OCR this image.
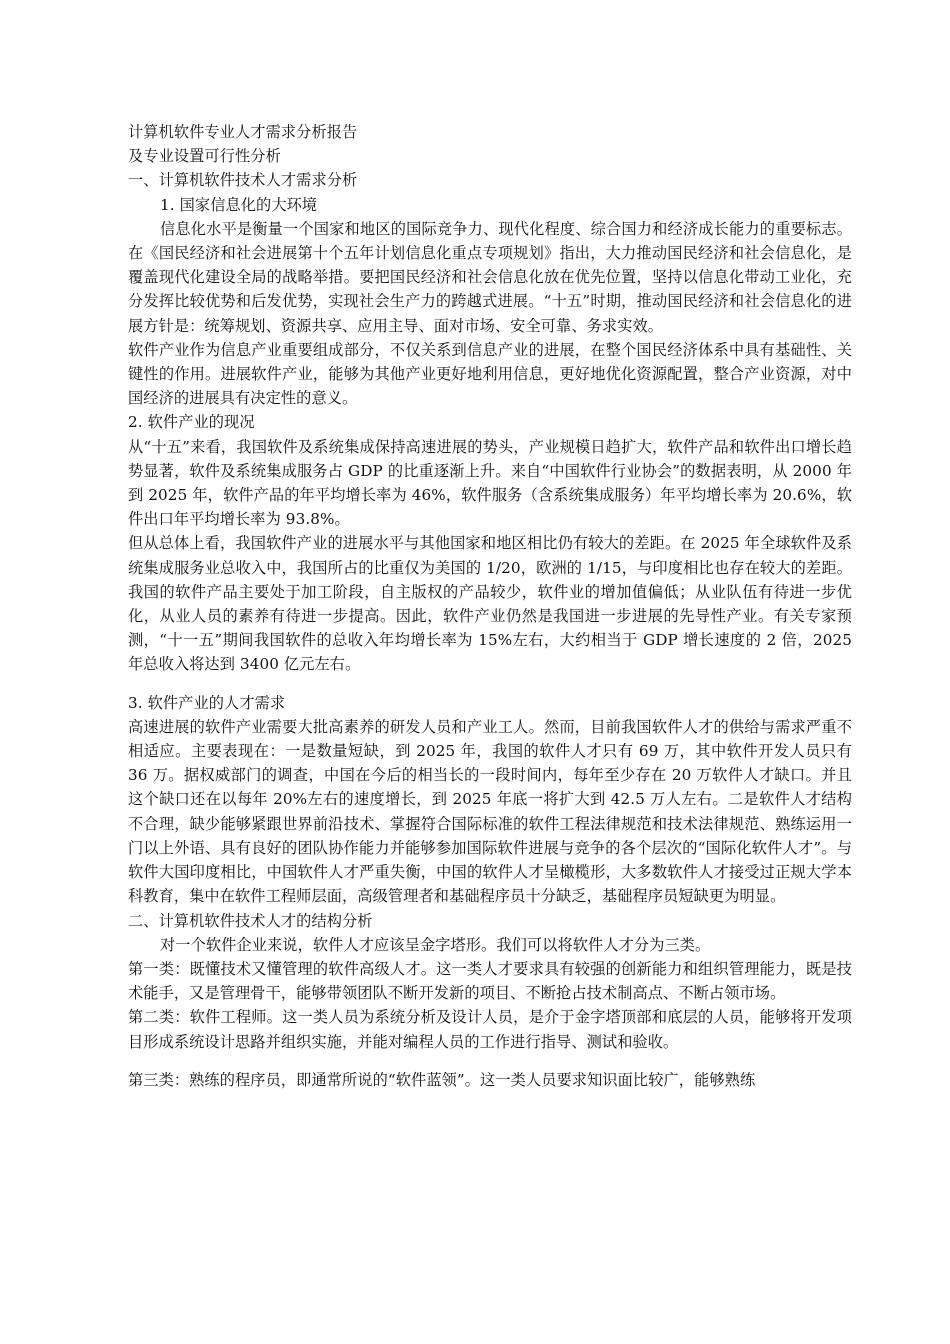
计算机软件专业人才需求分析报告

及专业设置可行性分析

一、计算机软件技术人才需求分析

1. 国家信息化的大环境

信息化水平是衡量一个国家和地区的国际竞争力、现代化程度、综合国力和经济成长能力的重要标志。在《国民经济和社会进展第十个五年计划信息化重点专项规划》指出，大力推动国民经济和社会信息化，是覆盖现代化建设全局的战略举措。要把国民经济和社会信息化放在优先位置，坚持以信息化带动工业化，充分发挥比较优势和后发优势，实现社会生产力的跨越式进展。“十五”时期，推动国民经济和社会信息化的进展方针是：统筹规划、资源共享、应用主导、面对市场、安全可靠、务求实效。

软件产业作为信息产业重要组成部分，不仅关系到信息产业的进展，在整个国民经济体系中具有基础性、关键性的作用。进展软件产业，能够为其他产业更好地利用信息，更好地优化资源配置，整合产业资源，对中国经济的进展具有决定性的意义。

2. 软件产业的现况

从“十五”来看，我国软件及系统集成保持高速进展的势头，产业规模日趋扩大，软件产品和软件出口增长趋势显著，软件及系统集成服务占 GDP 的比重逐渐上升。来自“中国软件行业协会”的数据表明，从 2000 年到 2025 年，软件产品的年平均增长率为 46%，软件服务（含系统集成服务）年平均增长率为 20.6%，软件出口年平均增长率为 93.8%。

但从总体上看，我国软件产业的进展水平与其他国家和地区相比仍有较大的差距。在 2025 年全球软件及系统集成服务业总收入中，我国所占的比重仅为美国的 1/20，欧洲的 1/15，与印度相比也存在较大的差距。我国的软件产品主要处于加工阶段，自主版权的产品较少，软件业的增加值偏低；从业队伍有待进一步优化，从业人员的素养有待进一步提高。因此，软件产业仍然是我国进一步进展的先导性产业。有关专家预测，“十一五”期间我国软件的总收入年均增长率为 15%左右，大约相当于 GDP 增长速度的 2 倍，2025 年总收入将达到 3400 亿元左右。

3. 软件产业的人才需求

高速进展的软件产业需要大批高素养的研发人员和产业工人。然而，目前我国软件人才的供给与需求严重不相适应。主要表现在：一是数量短缺，到 2025 年，我国的软件人才只有 69 万，其中软件开发人员只有 36 万。据权威部门的调查，中国在今后的相当长的一段时间内，每年至少存在 20 万软件人才缺口。并且这个缺口还在以每年 20%左右的速度增长，到 2025 年底一将扩大到 42.5 万人左右。二是软件人才结构不合理，缺少能够紧跟世界前沿技术、掌握符合国际标准的软件工程法律规范和技术法律规范、熟练运用一门以上外语、具有良好的团队协作能力并能够参加国际软件进展与竞争的各个层次的“国际化软件人才”。与软件大国印度相比，中国软件人才严重失衡，中国的软件人才呈橄榄形，大多数软件人才接受过正规大学本科教育，集中在软件工程师层面，高级管理者和基础程序员十分缺乏，基础程序员短缺更为明显。

二、计算机软件技术人才的结构分析

对一个软件企业来说，软件人才应该呈金字塔形。我们可以将软件人才分为三类。

第一类：既懂技术又懂管理的软件高级人才。这一类人才要求具有较强的创新能力和组织管理能力，既是技术能手，又是管理骨干，能够带领团队不断开发新的项目、不断抢占技术制高点、不断占领市场。

第二类：软件工程师。这一类人员为系统分析及设计人员，是介于金字塔顶部和底层的人员，能够将开发项目形成系统设计思路并组织实施，并能对编程人员的工作进行指导、测试和验收。

第三类：熟练的程序员，即通常所说的“软件蓝领”。这一类人员要求知识面比较广，能够熟练
